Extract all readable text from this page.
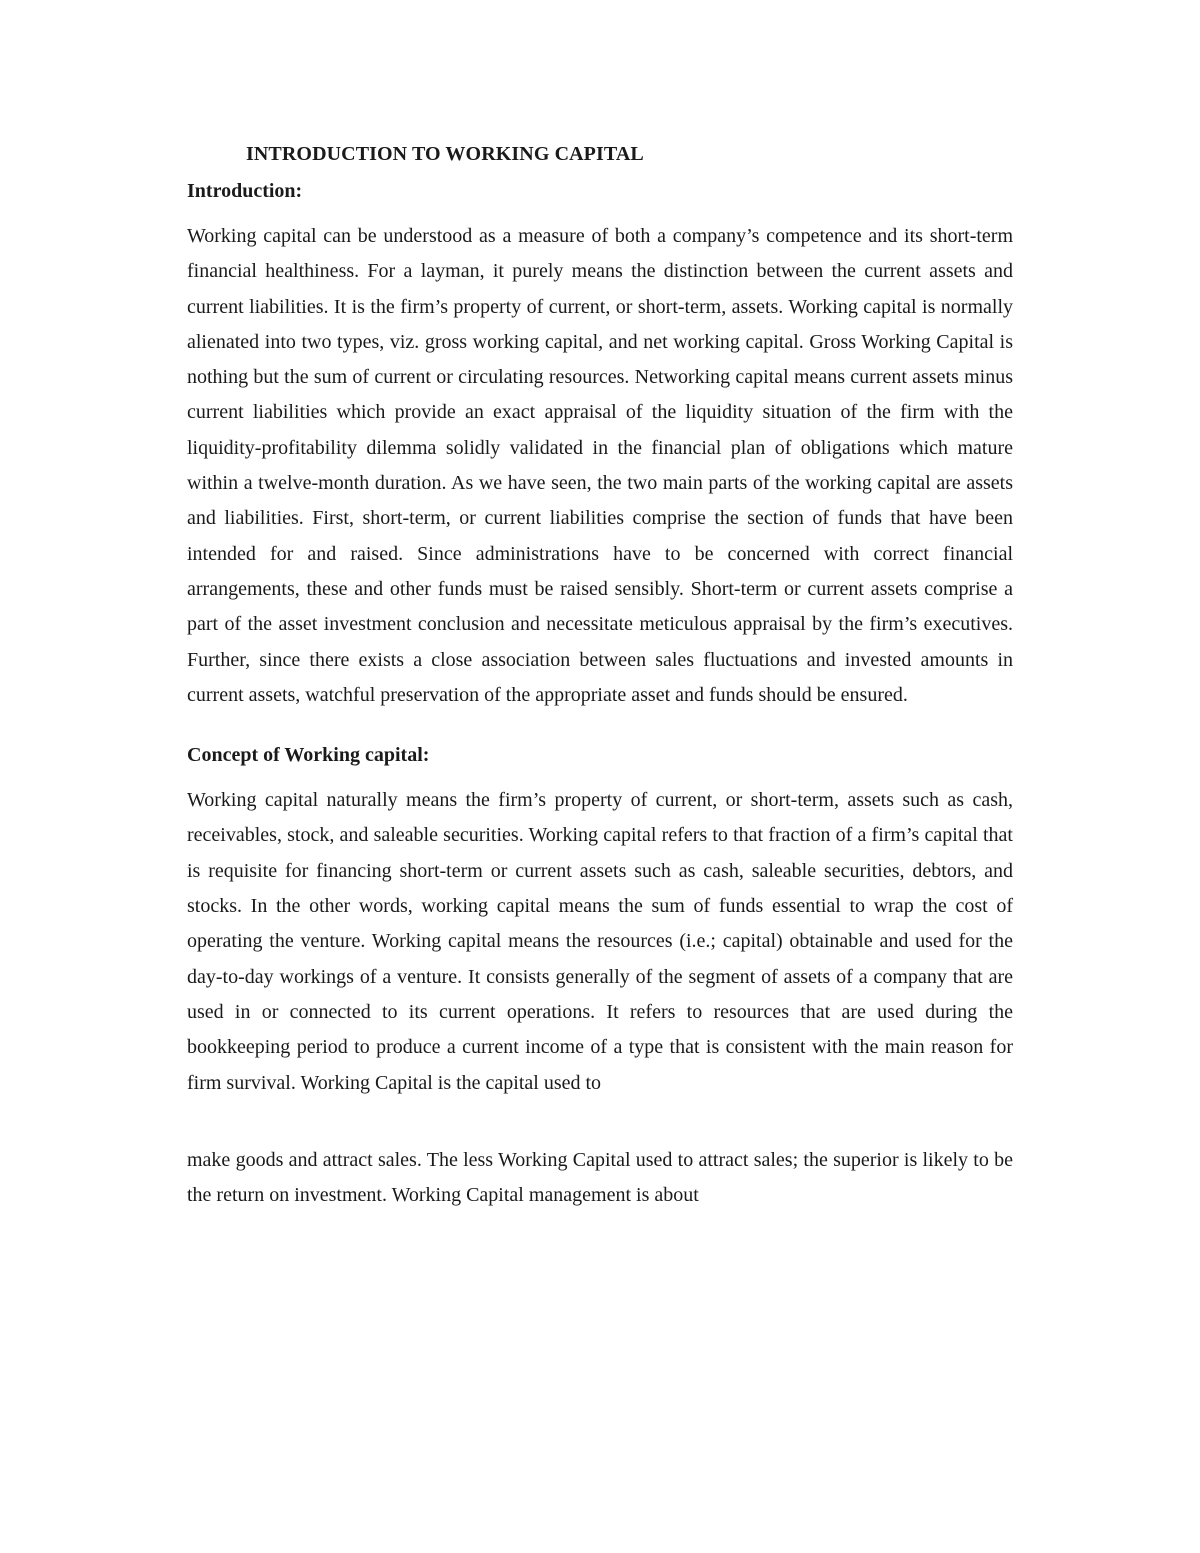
INTRODUCTION TO WORKING CAPITAL
Introduction:

Working capital can be understood as a measure of both a company’s competence and its short-term financial healthiness. For a layman, it purely means the distinction between the current assets and current liabilities. It is the firm’s property of current, or short-term, assets. Working capital is normally alienated into two types, viz. gross working capital, and net working capital. Gross Working Capital is nothing but the sum of current or circulating resources. Networking capital means current assets minus current liabilities which provide an exact appraisal of the liquidity situation of the firm with the liquidity-profitability dilemma solidly validated in the financial plan of obligations which mature within a twelve-month duration. As we have seen, the two main parts of the working capital are assets and liabilities. First, short-term, or current liabilities comprise the section of funds that have been intended for and raised. Since administrations have to be concerned with correct financial arrangements, these and other funds must be raised sensibly. Short-term or current assets comprise a part of the asset investment conclusion and necessitate meticulous appraisal by the firm’s executives. Further, since there exists a close association between sales fluctuations and invested amounts in current assets, watchful preservation of the appropriate asset and funds should be ensured.

Concept of Working capital:

Working capital naturally means the firm’s property of current, or short-term, assets such as cash, receivables, stock, and saleable securities. Working capital refers to that fraction of a firm’s capital that is requisite for financing short-term or current assets such as cash, saleable securities, debtors, and stocks. In the other words, working capital means the sum of funds essential to wrap the cost of operating the venture. Working capital means the resources (i.e.; capital) obtainable and used for the day-to-day workings of a venture. It consists generally of the segment of assets of a company that are used in or connected to its current operations. It refers to resources that are used during the bookkeeping period to produce a current income of a type that is consistent with the main reason for firm survival. Working Capital is the capital used to

make goods and attract sales. The less Working Capital used to attract sales; the superior is likely to be the return on investment. Working Capital management is about
